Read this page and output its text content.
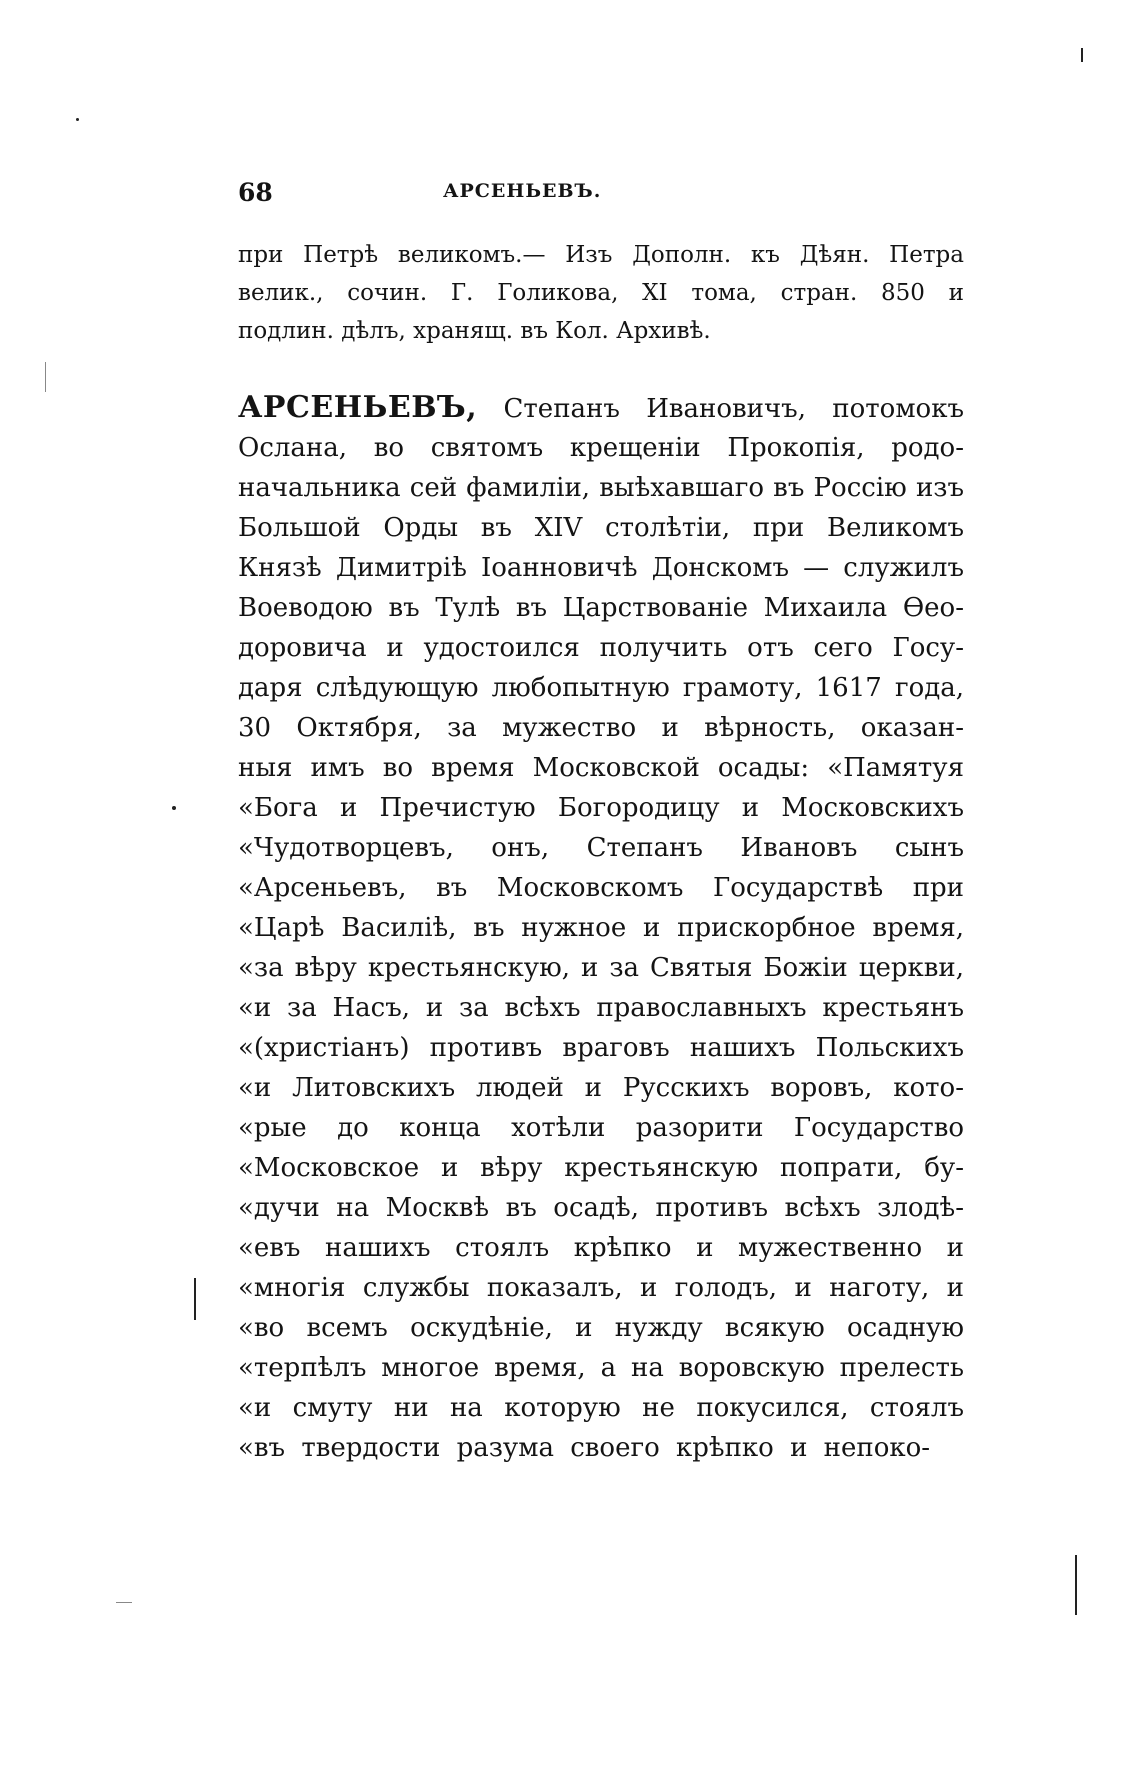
68	АРСЕНЬЕВЪ.
при Петрѣ великомъ.— Изъ Дополн. къ Дѣян. Петра
велик., сочин. Г. Голикова, XI тома, стран. 850 и
подлин. дѣлъ, хранящ. въ Кол. Архивѣ.
АРСЕНЬЕВЪ, Степанъ Ивановичъ, потомокъ
Ослана, во святомъ крещеніи Прокопія, родо-
начальника сей фамиліи, выѣхавшаго въ Россію изъ
Большой Орды въ XIV столѣтіи, при Великомъ
Князѣ Димитріѣ Іоанновичѣ Донскомъ — служилъ
Воеводою въ Тулѣ въ Царствованіе Михаила Ѳео-
доровича и удостоился получить отъ сего Госу-
даря слѣдующую любопытную грамоту, 1617 года,
30 Октября, за мужество и вѣрность, оказан-
ныя имъ во время Московской осады: «Памятуя
«Бога и Пречистую Богородицу и Московскихъ
«Чудотворцевъ, онъ, Степанъ Ивановъ сынъ
«Арсеньевъ, въ Московскомъ Государствѣ при
«Царѣ Василіѣ, въ нужное и прискорбное время,
«за вѣру крестьянскую, и за Святыя Божіи церкви,
«и за Насъ, и за всѣхъ православныхъ крестьянъ
«(христіанъ) противъ враговъ нашихъ Польскихъ
«и Литовскихъ людей и Русскихъ воровъ, кото-
«рые до конца хотѣли разорити Государство
«Московское и вѣру крестьянскую попрати, бу-
«дучи на Москвѣ въ осадѣ, противъ всѣхъ злодѣ-
«евъ нашихъ стоялъ крѣпко и мужественно и
«многія службы показалъ, и голодъ, и наготу, и
«во всемъ оскудѣніе, и нужду всякую осадную
«терпѣлъ многое время, а на воровскую прелесть
«и смуту ни на которую не покусился, стоялъ
«въ твердости разума своего крѣпко и непоко-
